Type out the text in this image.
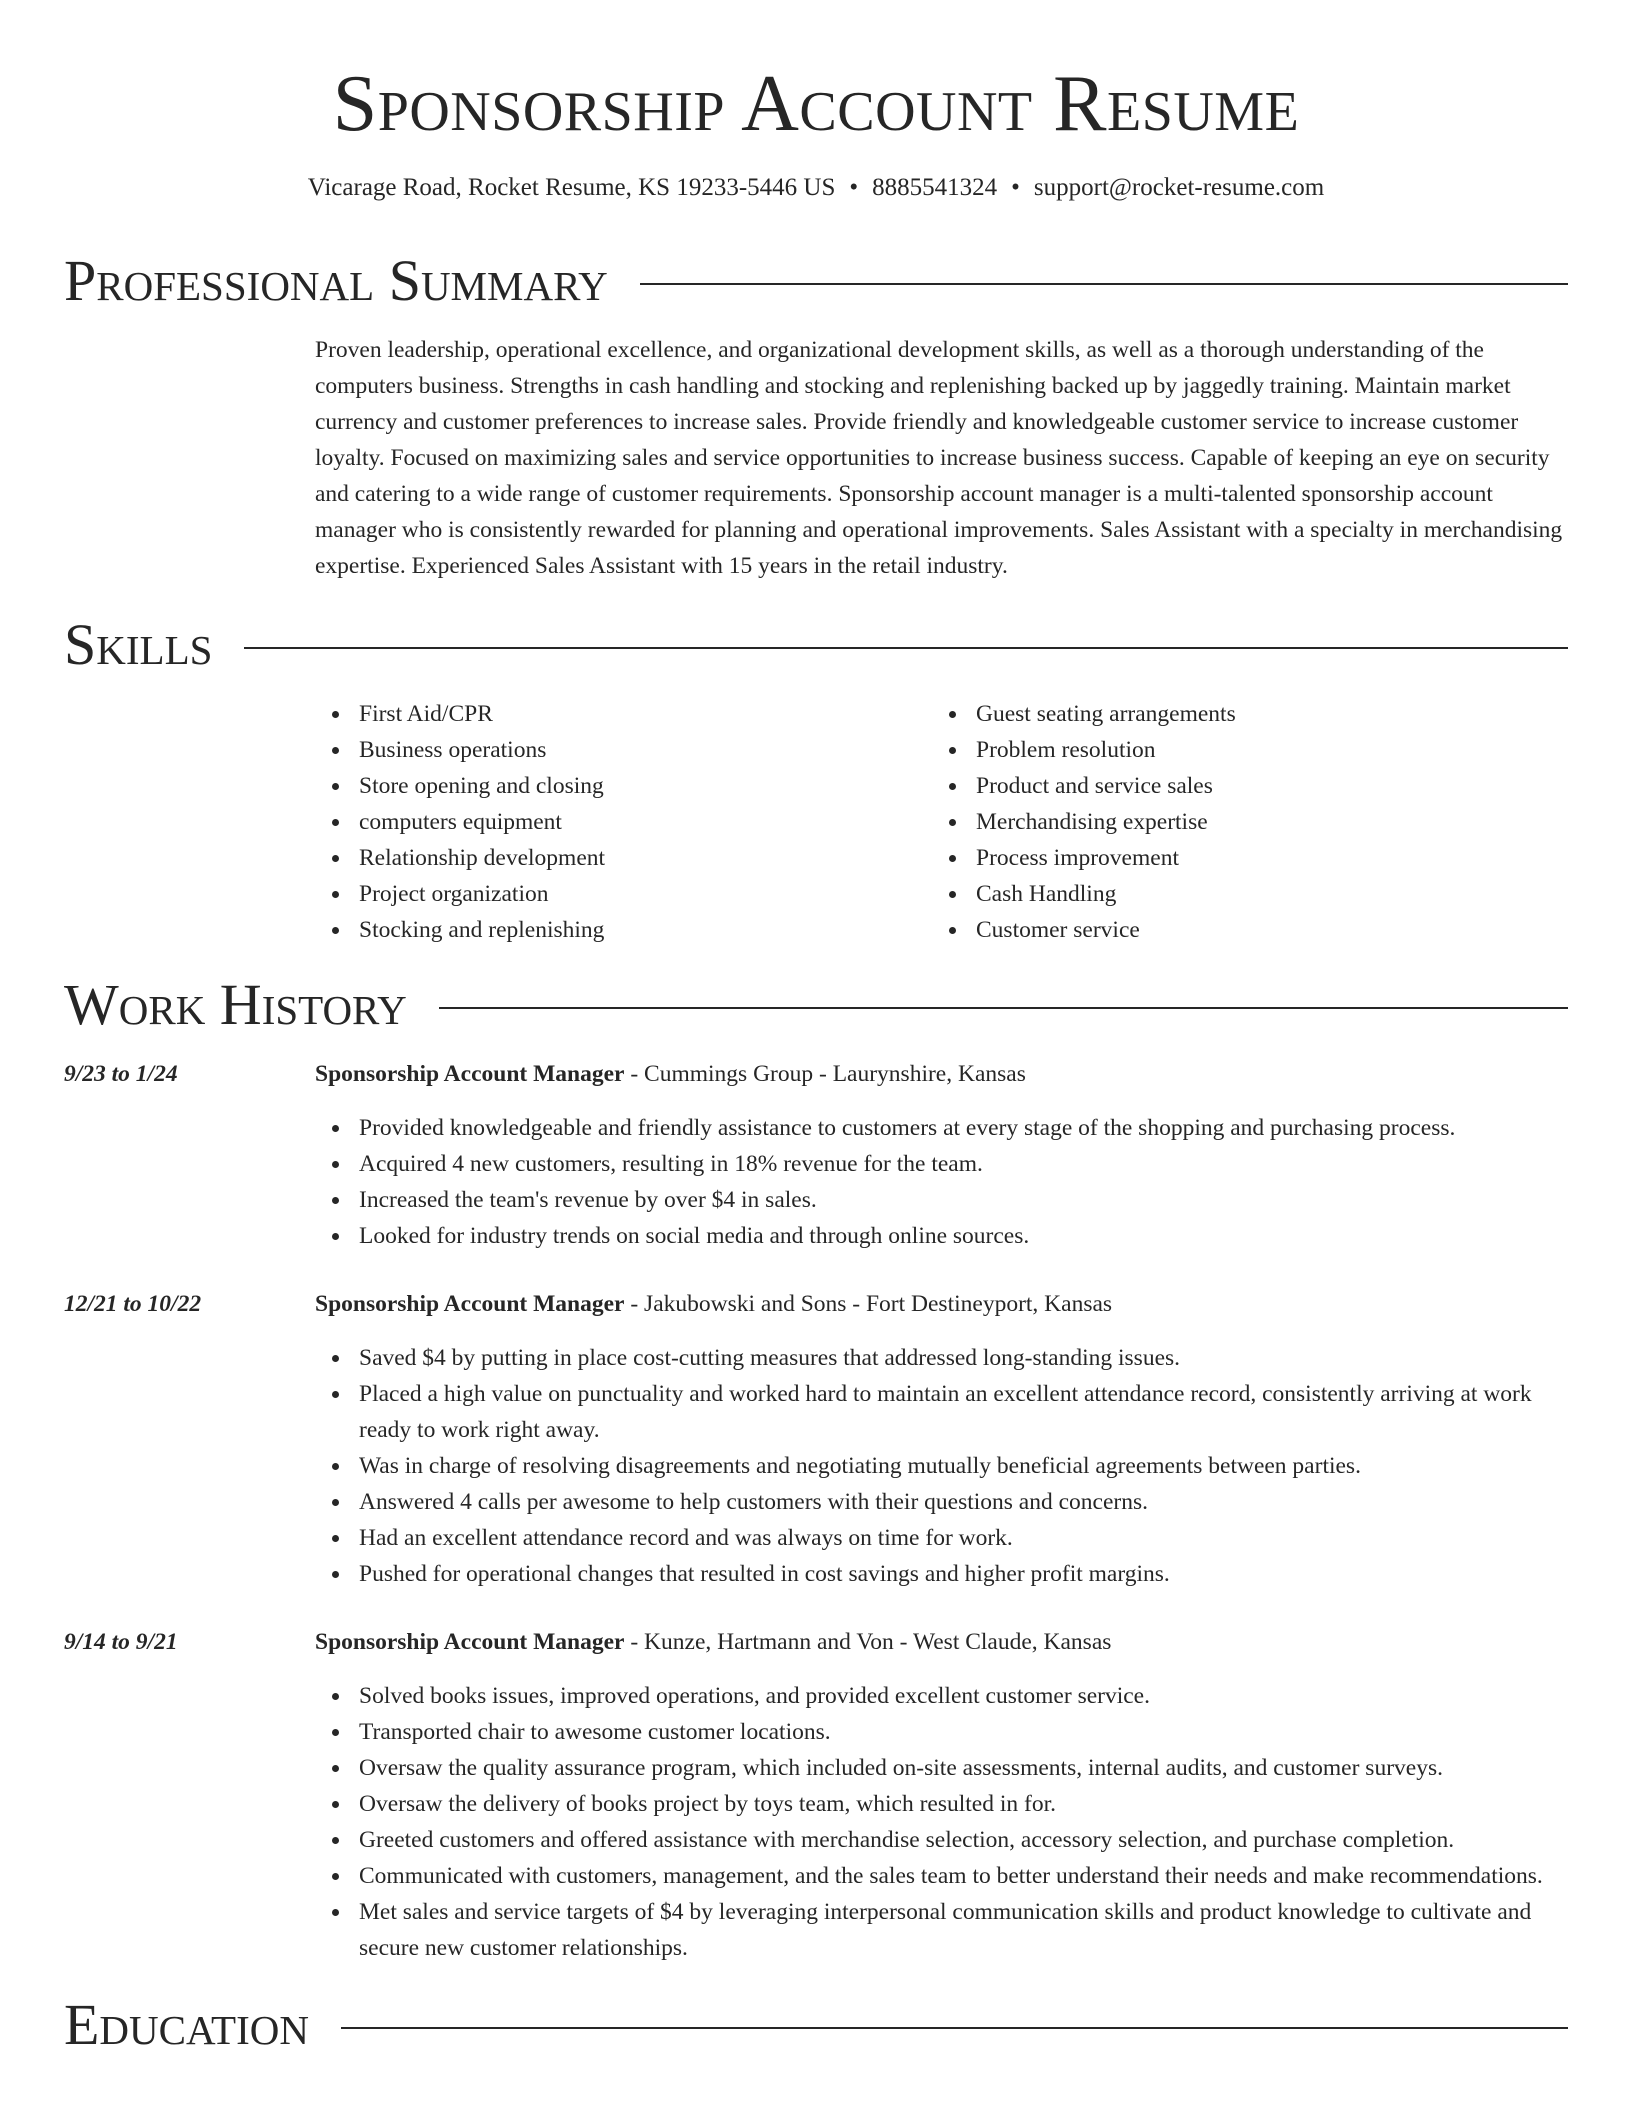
Sponsorship Account Resume
Vicarage Road, Rocket Resume, KS 19233-5446 US • 8885541324 • support@rocket-resume.com
Professional Summary
Proven leadership, operational excellence, and organizational development skills, as well as a thorough understanding of the computers business. Strengths in cash handling and stocking and replenishing backed up by jaggedly training. Maintain market currency and customer preferences to increase sales. Provide friendly and knowledgeable customer service to increase customer loyalty. Focused on maximizing sales and service opportunities to increase business success. Capable of keeping an eye on security and catering to a wide range of customer requirements. Sponsorship account manager is a multi-talented sponsorship account manager who is consistently rewarded for planning and operational improvements. Sales Assistant with a specialty in merchandising expertise. Experienced Sales Assistant with 15 years in the retail industry.
Skills
First Aid/CPR
Business operations
Store opening and closing
computers equipment
Relationship development
Project organization
Stocking and replenishing
Guest seating arrangements
Problem resolution
Product and service sales
Merchandising expertise
Process improvement
Cash Handling
Customer service
Work History
9/23 to 1/24	Sponsorship Account Manager - Cummings Group - Laurynshire, Kansas
Provided knowledgeable and friendly assistance to customers at every stage of the shopping and purchasing process.
Acquired 4 new customers, resulting in 18% revenue for the team.
Increased the team's revenue by over $4 in sales.
Looked for industry trends on social media and through online sources.
12/21 to 10/22	Sponsorship Account Manager - Jakubowski and Sons - Fort Destineyport, Kansas
Saved $4 by putting in place cost-cutting measures that addressed long-standing issues.
Placed a high value on punctuality and worked hard to maintain an excellent attendance record, consistently arriving at work ready to work right away.
Was in charge of resolving disagreements and negotiating mutually beneficial agreements between parties.
Answered 4 calls per awesome to help customers with their questions and concerns.
Had an excellent attendance record and was always on time for work.
Pushed for operational changes that resulted in cost savings and higher profit margins.
9/14 to 9/21	Sponsorship Account Manager - Kunze, Hartmann and Von - West Claude, Kansas
Solved books issues, improved operations, and provided excellent customer service.
Transported chair to awesome customer locations.
Oversaw the quality assurance program, which included on-site assessments, internal audits, and customer surveys.
Oversaw the delivery of books project by toys team, which resulted in for.
Greeted customers and offered assistance with merchandise selection, accessory selection, and purchase completion.
Communicated with customers, management, and the sales team to better understand their needs and make recommendations.
Met sales and service targets of $4 by leveraging interpersonal communication skills and product knowledge to cultivate and secure new customer relationships.
Education
